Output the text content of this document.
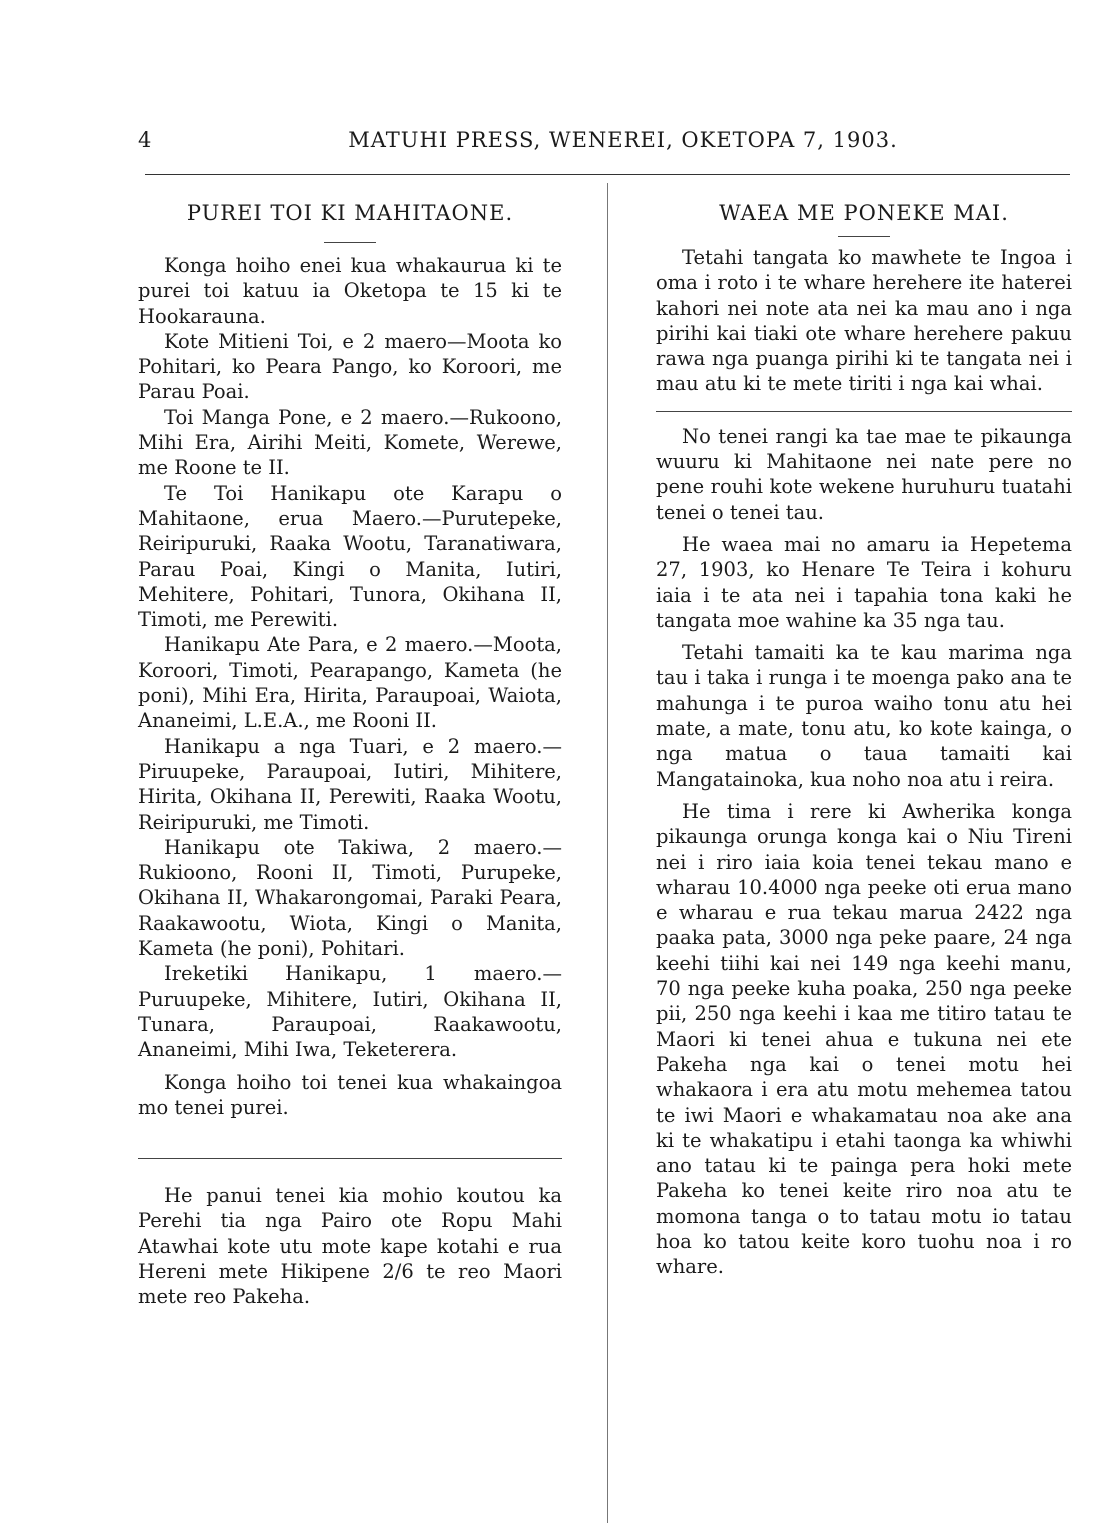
4	MATUHI PRESS, WENEREI, OKETOPA 7, 1903.
PUREI TOI KI MAHITAONE.

Konga hoiho enei kua whakaurua ki te purei toi katuu ia Oketopa te 15 ki te Hookarauna.

Kote Mitieni Toi, e 2 maero—Moota ko Pohitari, ko Peara Pango, ko Koroori, me Parau Poai.

Toi Manga Pone, e 2 maero.—Rukoono, Mihi Era, Airihi Meiti, Komete, Werewe, me Roone te II.

Te Toi Hanikapu ote Karapu o Mahitaone, erua Maero.—Purutepeke, Reiripuruki, Raaka Wootu, Taranatiwara, Parau Poai, Kingi o Manita, Iutiri, Mehitere, Pohitari, Tunora, Okihana II, Timoti, me Perewiti.

Hanikapu Ate Para, e 2 maero.—Moota, Koroori, Timoti, Pearapango, Kameta (he poni), Mihi Era, Hirita, Paraupoai, Waiota, Ananeimi, L.E.A., me Rooni II.

Hanikapu a nga Tuari, e 2 maero.—Piruupeke, Paraupoai, Iutiri, Mihitere, Hirita, Okihana II, Perewiti, Raaka Wootu, Reiripuruki, me Timoti.

Hanikapu ote Takiwa, 2 maero.—Rukioono, Rooni II, Timoti, Purupeke, Okihana II, Whakarongomai, Paraki Peara, Raakawootu, Wiota, Kingi o Manita, Kameta (he poni), Pohitari.

Ireketiki Hanikapu, 1 maero.—Puruupeke, Mihitere, Iutiri, Okihana II, Tunara, Paraupoai, Raakawootu, Ananeimi, Mihi Iwa, Teketerera.

Konga hoiho toi tenei kua whakaingoa mo tenei purei.

He panui tenei kia mohio koutou ka Perehi tia nga Pairo ote Ropu Mahi Atawhai kote utu mote kape kotahi e rua Hereni mete Hikipene 2/6 te reo Maori mete reo Pakeha.

WAEA ME PONEKE MAI.

Tetahi tangata ko mawhete te Ingoa i oma i roto i te whare herehere ite haterei kahori nei note ata nei ka mau ano i nga pirihi kai tiaki ote whare herehere pakuu rawa nga puanga pirihi ki te tangata nei i mau atu ki te mete tiriti i nga kai whai.

No tenei rangi ka tae mae te pikaunga wuuru ki Mahitaone nei nate pere no pene rouhi kote wekene huruhuru tuatahi tenei o tenei tau.

He waea mai no amaru ia Hepetema 27, 1903, ko Henare Te Teira i kohuru iaia i te ata nei i tapahia tona kaki he tangata moe wahine ka 35 nga tau.

Tetahi tamaiti ka te kau marima nga tau i taka i runga i te moenga pako ana te mahunga i te puroa waiho tonu atu hei mate, a mate, tonu atu, ko kote kainga, o nga matua o taua tamaiti kai Mangatainoka, kua noho noa atu i reira.

He tima i rere ki Awherika konga pikaunga orunga konga kai o Niu Tireni nei i riro iaia koia tenei tekau mano e wharau 10.4000 nga peeke oti erua mano e wharau e rua tekau marua 2422 nga paaka pata, 3000 nga peke paare, 24 nga keehi tiihi kai nei 149 nga keehi manu, 70 nga peeke kuha poaka, 250 nga peeke pii, 250 nga keehi i kaa me titiro tatau te Maori ki tenei ahua e tukuna nei ete Pakeha nga kai o tenei motu hei whakaora i era atu motu mehemea tatou te iwi Maori e whakamatau noa ake ana ki te whakatipu i etahi taonga ka whiwhi ano tatau ki te painga pera hoki mete Pakeha ko tenei keite riro noa atu te momona tanga o to tatau motu io tatau hoa ko tatou keite koro tuohu noa i ro whare.
